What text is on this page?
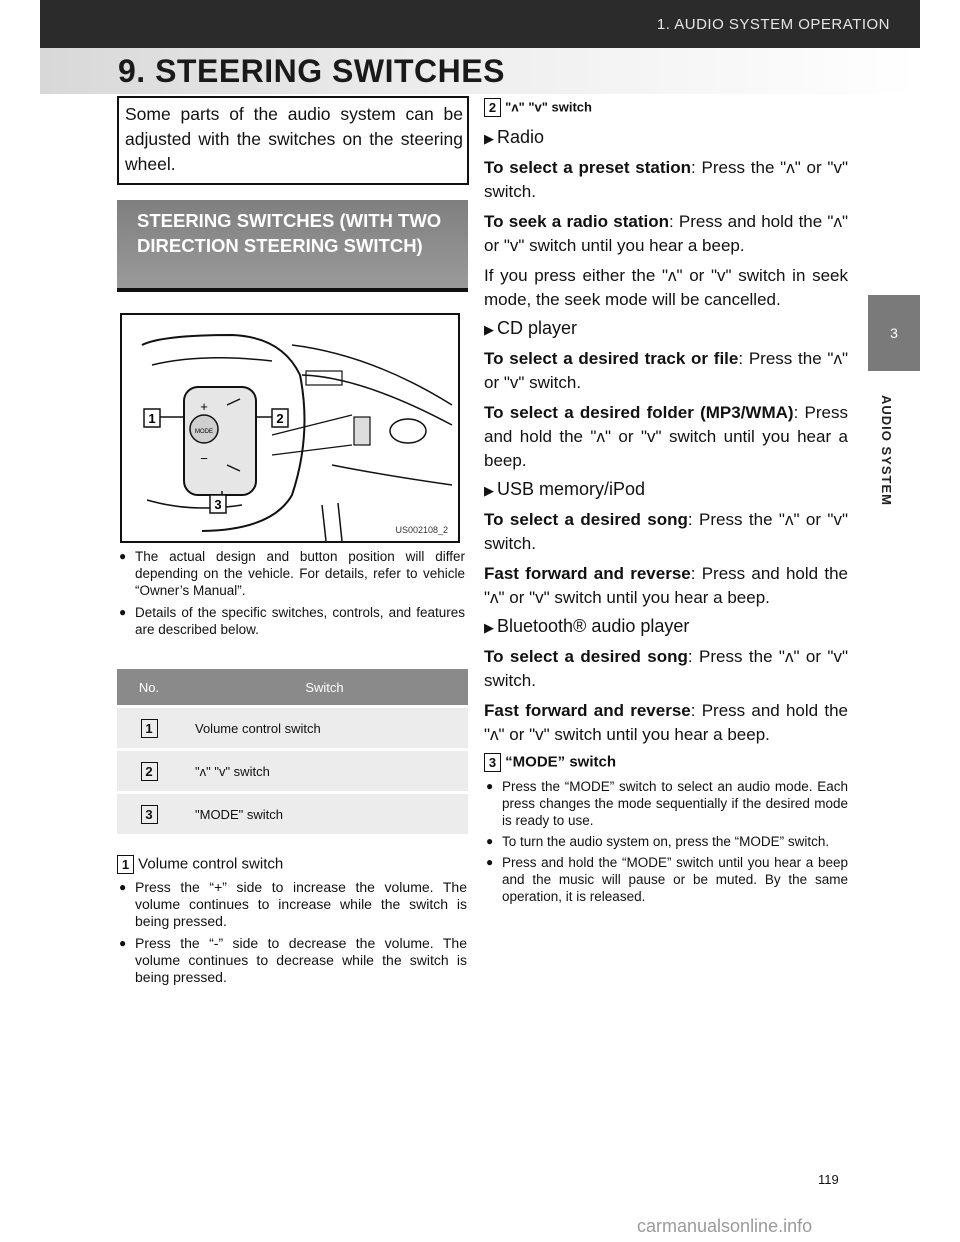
1. AUDIO SYSTEM OPERATION
9. STEERING SWITCHES
3
AUDIO SYSTEM
Some parts of the audio system can be adjusted with the switches on the steering wheel.
STEERING SWITCHES (WITH TWO DIRECTION STEERING SWITCH)
MODE
+
−
1	2
3
US002108_2

● The actual design and button position will differ depending on the vehicle. For details, refer to vehicle “Owner’s Manual”.

● Details of the specific switches, controls, and features are described below.

No.	Switch
1	Volume control switch
2	"ʌ" "v" switch
3	"MODE" switch

1 Volume control switch

● Press the “+” side to increase the volume. The volume continues to increase while the switch is being pressed.

● Press the “-” side to decrease the volume. The volume continues to decrease while the switch is being pressed.

2 "ʌ" "v" switch

▶ Radio

To select a preset station: Press the "ʌ" or "v" switch.

To seek a radio station: Press and hold the "ʌ" or "v" switch until you hear a beep.

If you press either the "ʌ" or "v" switch in seek mode, the seek mode will be cancelled.

▶ CD player

To select a desired track or file: Press the "ʌ" or "v" switch.

To select a desired folder (MP3/WMA): Press and hold the "ʌ" or "v" switch until you hear a beep.

▶ USB memory/iPod

To select a desired song: Press the "ʌ" or "v" switch.

Fast forward and reverse: Press and hold the "ʌ" or "v" switch until you hear a beep.

▶ Bluetooth® audio player

To select a desired song: Press the "ʌ" or "v" switch.

Fast forward and reverse: Press and hold the "ʌ" or "v" switch until you hear a beep.

3 “MODE” switch

● Press the “MODE” switch to select an audio mode. Each press changes the mode sequentially if the desired mode is ready to use.

● To turn the audio system on, press the “MODE” switch.

● Press and hold the “MODE” switch until you hear a beep and the music will pause or be muted. By the same operation, it is released.

119
carmanualsonline.info
